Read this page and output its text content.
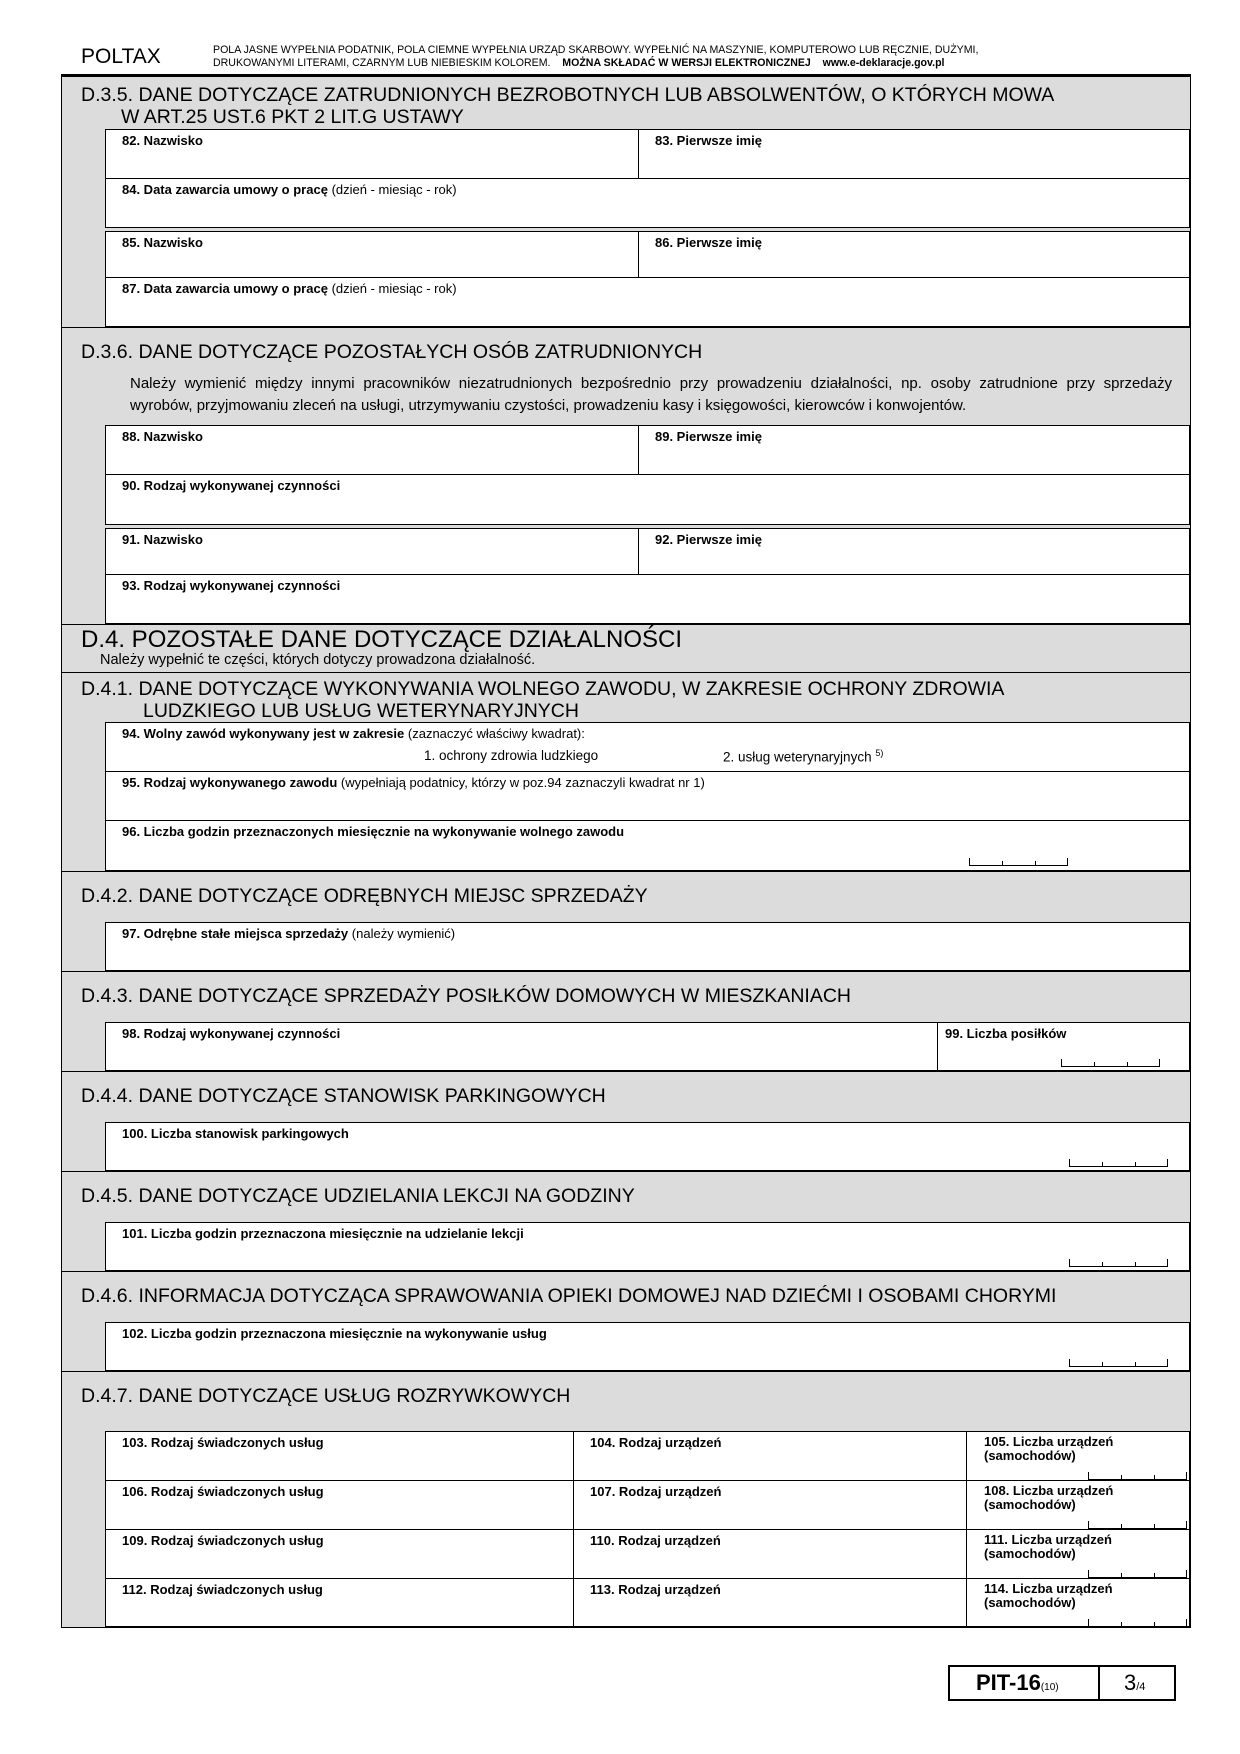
POLTAX	POLA JASNE WYPEŁNIA PODATNIK, POLA CIEMNE WYPEŁNIA URZĄD SKARBOWY. WYPEŁNIĆ NA MASZYNIE, KOMPUTEROWO LUB RĘCZNIE, DUŻYMI,
DRUKOWANYMI LITERAMI, CZARNYM LUB NIEBIESKIM KOLOREM. MOŻNA SKŁADAĆ W WERSJI ELEKTRONICZNEJ www.e-deklaracje.gov.pl
D.3.5. DANE DOTYCZĄCE ZATRUDNIONYCH BEZROBOTNYCH LUB ABSOLWENTÓW, O KTÓRYCH MOWA
W ART.25 UST.6 PKT 2 LIT.G USTAWY
82. Nazwisko	83. Pierwsze imię
84. Data zawarcia umowy o pracę (dzień - miesiąc - rok)
85. Nazwisko	86. Pierwsze imię
87. Data zawarcia umowy o pracę (dzień - miesiąc - rok)
D.3.6. DANE DOTYCZĄCE POZOSTAŁYCH OSÓB ZATRUDNIONYCH
Należy wymienić między innymi pracowników niezatrudnionych bezpośrednio przy prowadzeniu działalności, np. osoby zatrudnione przy sprzedaży wyrobów, przyjmowaniu zleceń na usługi, utrzymywaniu czystości, prowadzeniu kasy i księgowości, kierowców i konwojentów.
88. Nazwisko	89. Pierwsze imię
90. Rodzaj wykonywanej czynności
91. Nazwisko	92. Pierwsze imię
93. Rodzaj wykonywanej czynności
D.4. POZOSTAŁE DANE DOTYCZĄCE DZIAŁALNOŚCI
Należy wypełnić te części, których dotyczy prowadzona działalność.
D.4.1. DANE DOTYCZĄCE WYKONYWANIA WOLNEGO ZAWODU, W ZAKRESIE OCHRONY ZDROWIA
LUDZKIEGO LUB USŁUG WETERYNARYJNYCH
94. Wolny zawód wykonywany jest w zakresie (zaznaczyć właściwy kwadrat):
1. ochrony zdrowia ludzkiego	2. usług weterynaryjnych $^{5)}$
95. Rodzaj wykonywanego zawodu (wypełniają podatnicy, którzy w poz.94 zaznaczyli kwadrat nr 1)
96. Liczba godzin przeznaczonych miesięcznie na wykonywanie wolnego zawodu
D.4.2. DANE DOTYCZĄCE ODRĘBNYCH MIEJSC SPRZEDAŻY
97. Odrębne stałe miejsca sprzedaży (należy wymienić)
D.4.3. DANE DOTYCZĄCE SPRZEDAŻY POSIŁKÓW DOMOWYCH W MIESZKANIACH
98. Rodzaj wykonywanej czynności	99. Liczba posiłków
D.4.4. DANE DOTYCZĄCE STANOWISK PARKINGOWYCH
100. Liczba stanowisk parkingowych
D.4.5. DANE DOTYCZĄCE UDZIELANIA LEKCJI NA GODZINY
101. Liczba godzin przeznaczona miesięcznie na udzielanie lekcji
D.4.6. INFORMACJA DOTYCZĄCA SPRAWOWANIA OPIEKI DOMOWEJ NAD DZIEĆMI I OSOBAMI CHORYMI
102. Liczba godzin przeznaczona miesięcznie na wykonywanie usług
D.4.7. DANE DOTYCZĄCE USŁUG ROZRYWKOWYCH
103. Rodzaj świadczonych usług	104. Rodzaj urządzeń	105. Liczba urządzeń
(samochodów)
106. Rodzaj świadczonych usług	107. Rodzaj urządzeń	108. Liczba urządzeń
(samochodów)
109. Rodzaj świadczonych usług	110. Rodzaj urządzeń	111. Liczba urządzeń
(samochodów)
112. Rodzaj świadczonych usług	113. Rodzaj urządzeń	114. Liczba urządzeń
(samochodów)
PIT-16(10)	3/4
